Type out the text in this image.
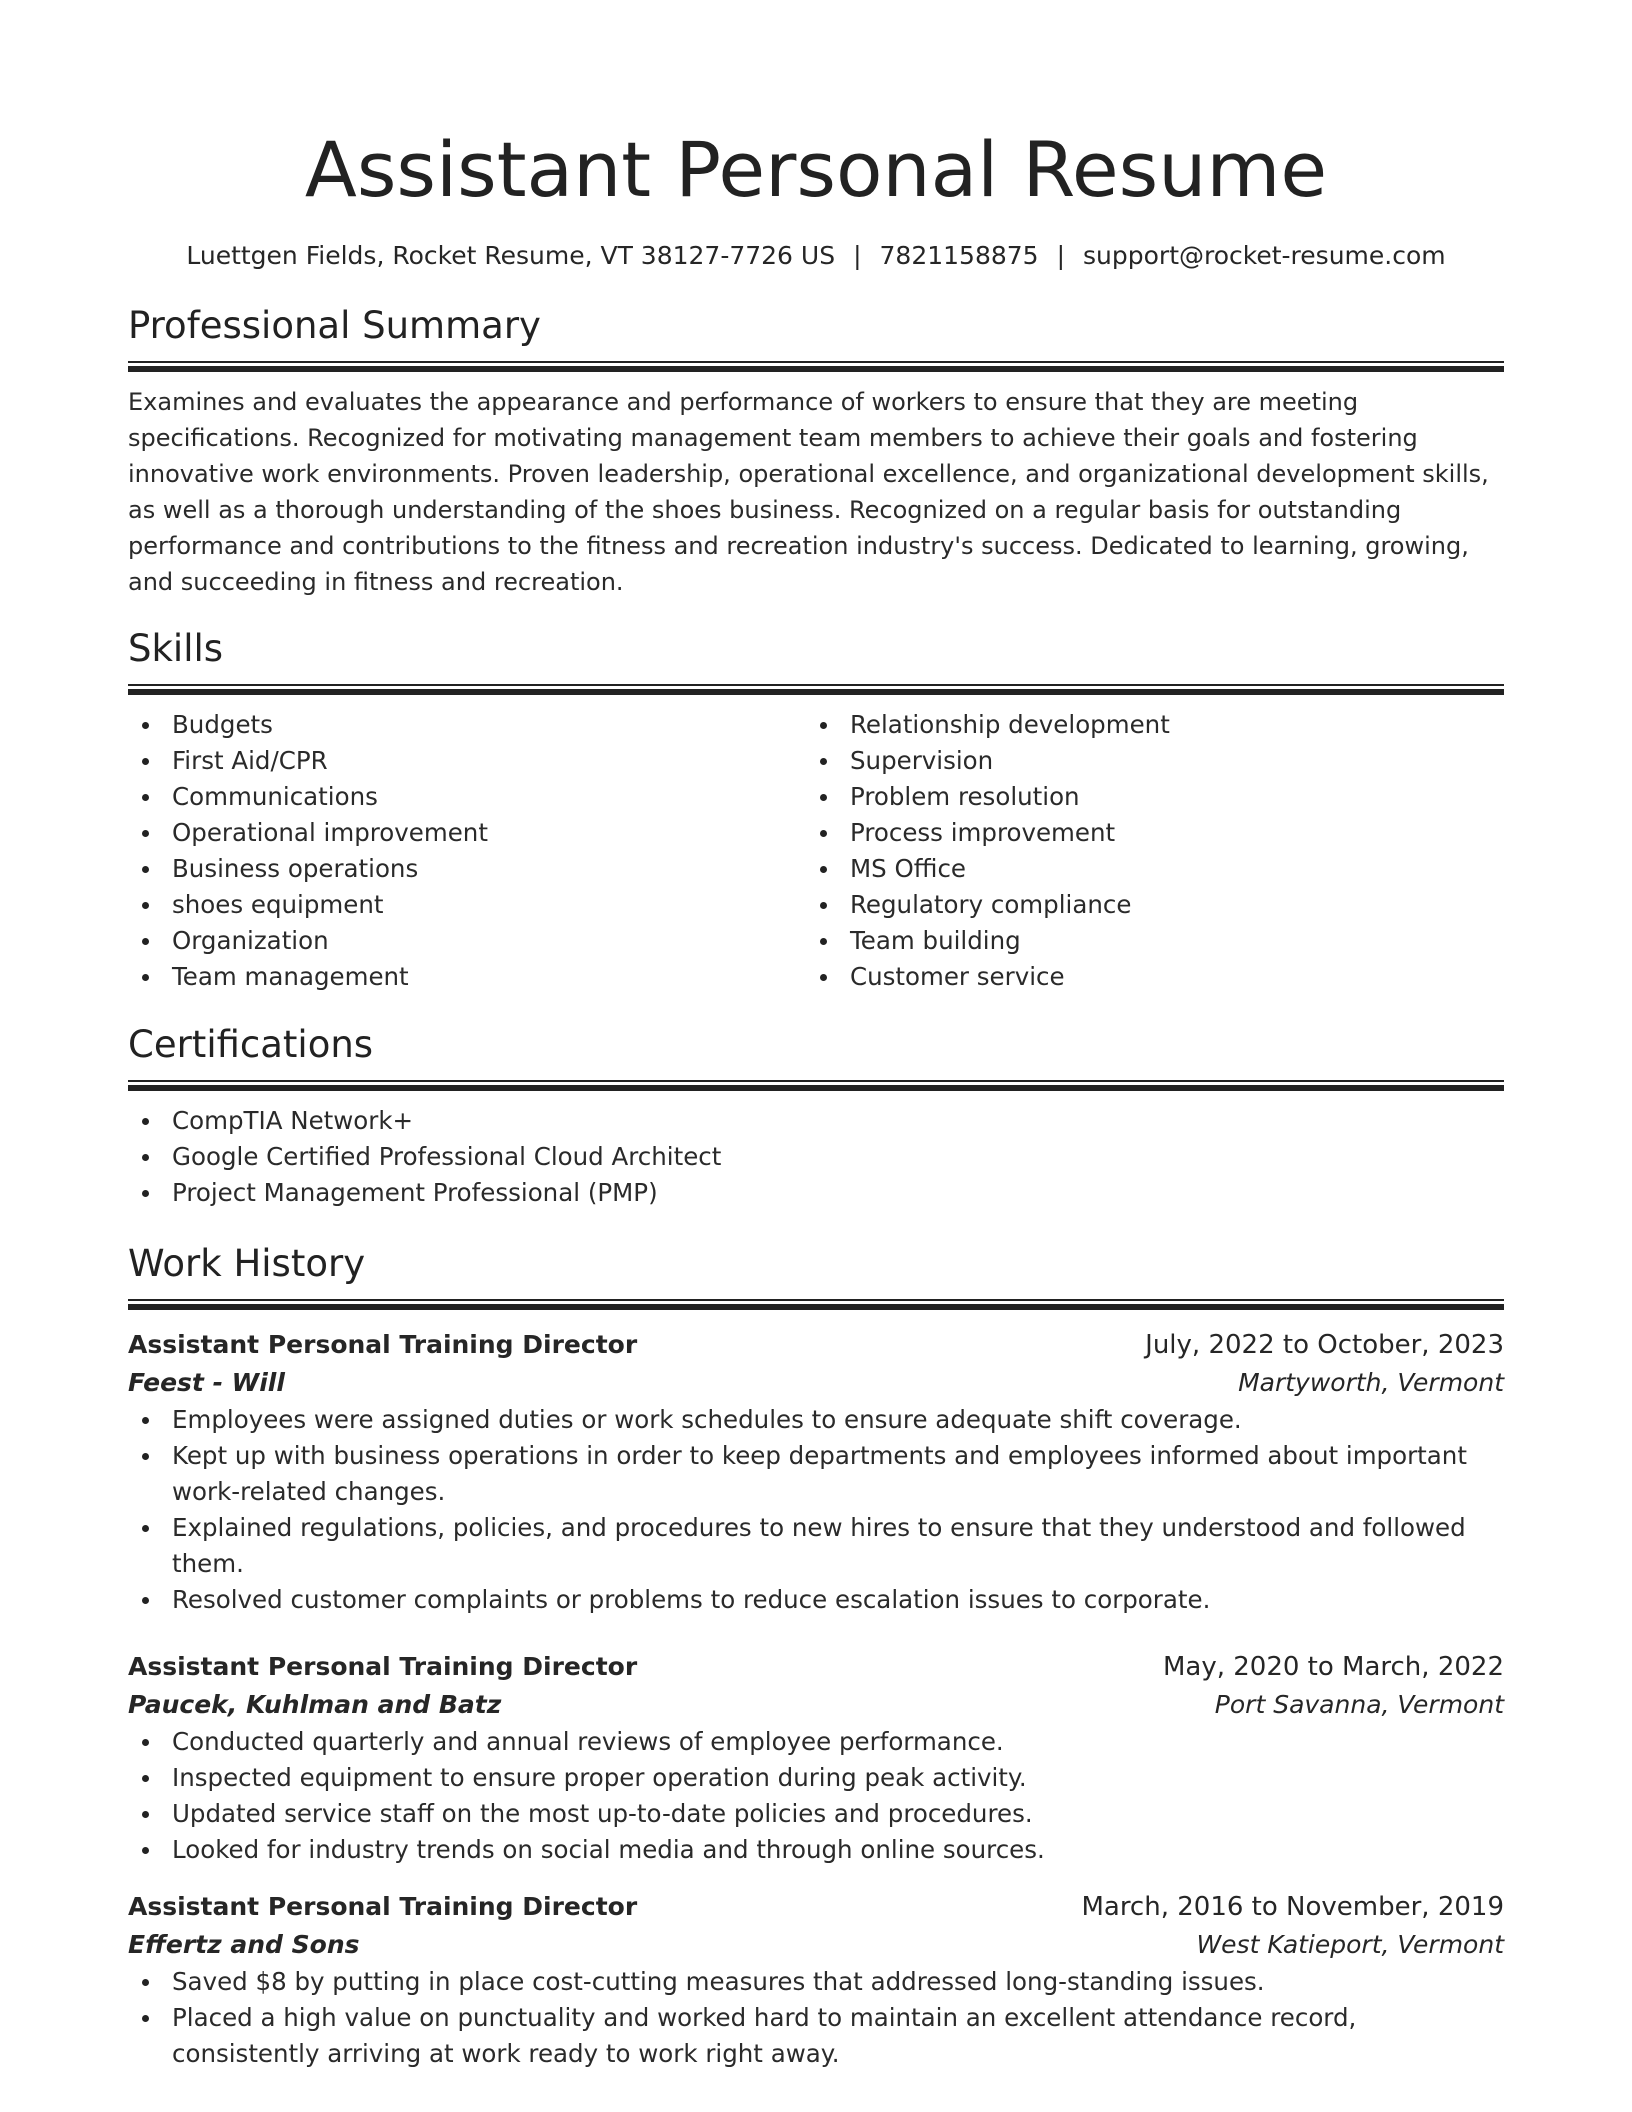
Assistant Personal Resume
Luettgen Fields, Rocket Resume, VT 38127-7726 US | 7821158875 | support@rocket-resume.com
Professional Summary

Examines and evaluates the appearance and performance of workers to ensure that they are meeting specifications. Recognized for motivating management team members to achieve their goals and fostering innovative work environments. Proven leadership, operational excellence, and organizational development skills, as well as a thorough understanding of the shoes business. Recognized on a regular basis for outstanding performance and contributions to the fitness and recreation industry's success. Dedicated to learning, growing, and succeeding in fitness and recreation.

Skills
Budgets
First Aid/CPR
Communications
Operational improvement
Business operations
shoes equipment
Organization
Team management
Relationship development
Supervision
Problem resolution
Process improvement
MS Office
Regulatory compliance
Team building
Customer service
Certifications
CompTIA Network+
Google Certified Professional Cloud Architect
Project Management Professional (PMP)
Work History
Assistant Personal Training Director	July, 2022 to October, 2023
Feest - Will	Martyworth, Vermont
Employees were assigned duties or work schedules to ensure adequate shift coverage.
Kept up with business operations in order to keep departments and employees informed about important work-related changes.
Explained regulations, policies, and procedures to new hires to ensure that they understood and followed them.
Resolved customer complaints or problems to reduce escalation issues to corporate.
Assistant Personal Training Director	May, 2020 to March, 2022
Paucek, Kuhlman and Batz	Port Savanna, Vermont
Conducted quarterly and annual reviews of employee performance.
Inspected equipment to ensure proper operation during peak activity.
Updated service staff on the most up-to-date policies and procedures.
Looked for industry trends on social media and through online sources.
Assistant Personal Training Director	March, 2016 to November, 2019
Effertz and Sons	West Katieport, Vermont
Saved $8 by putting in place cost-cutting measures that addressed long-standing issues.
Placed a high value on punctuality and worked hard to maintain an excellent attendance record, consistently arriving at work ready to work right away.
